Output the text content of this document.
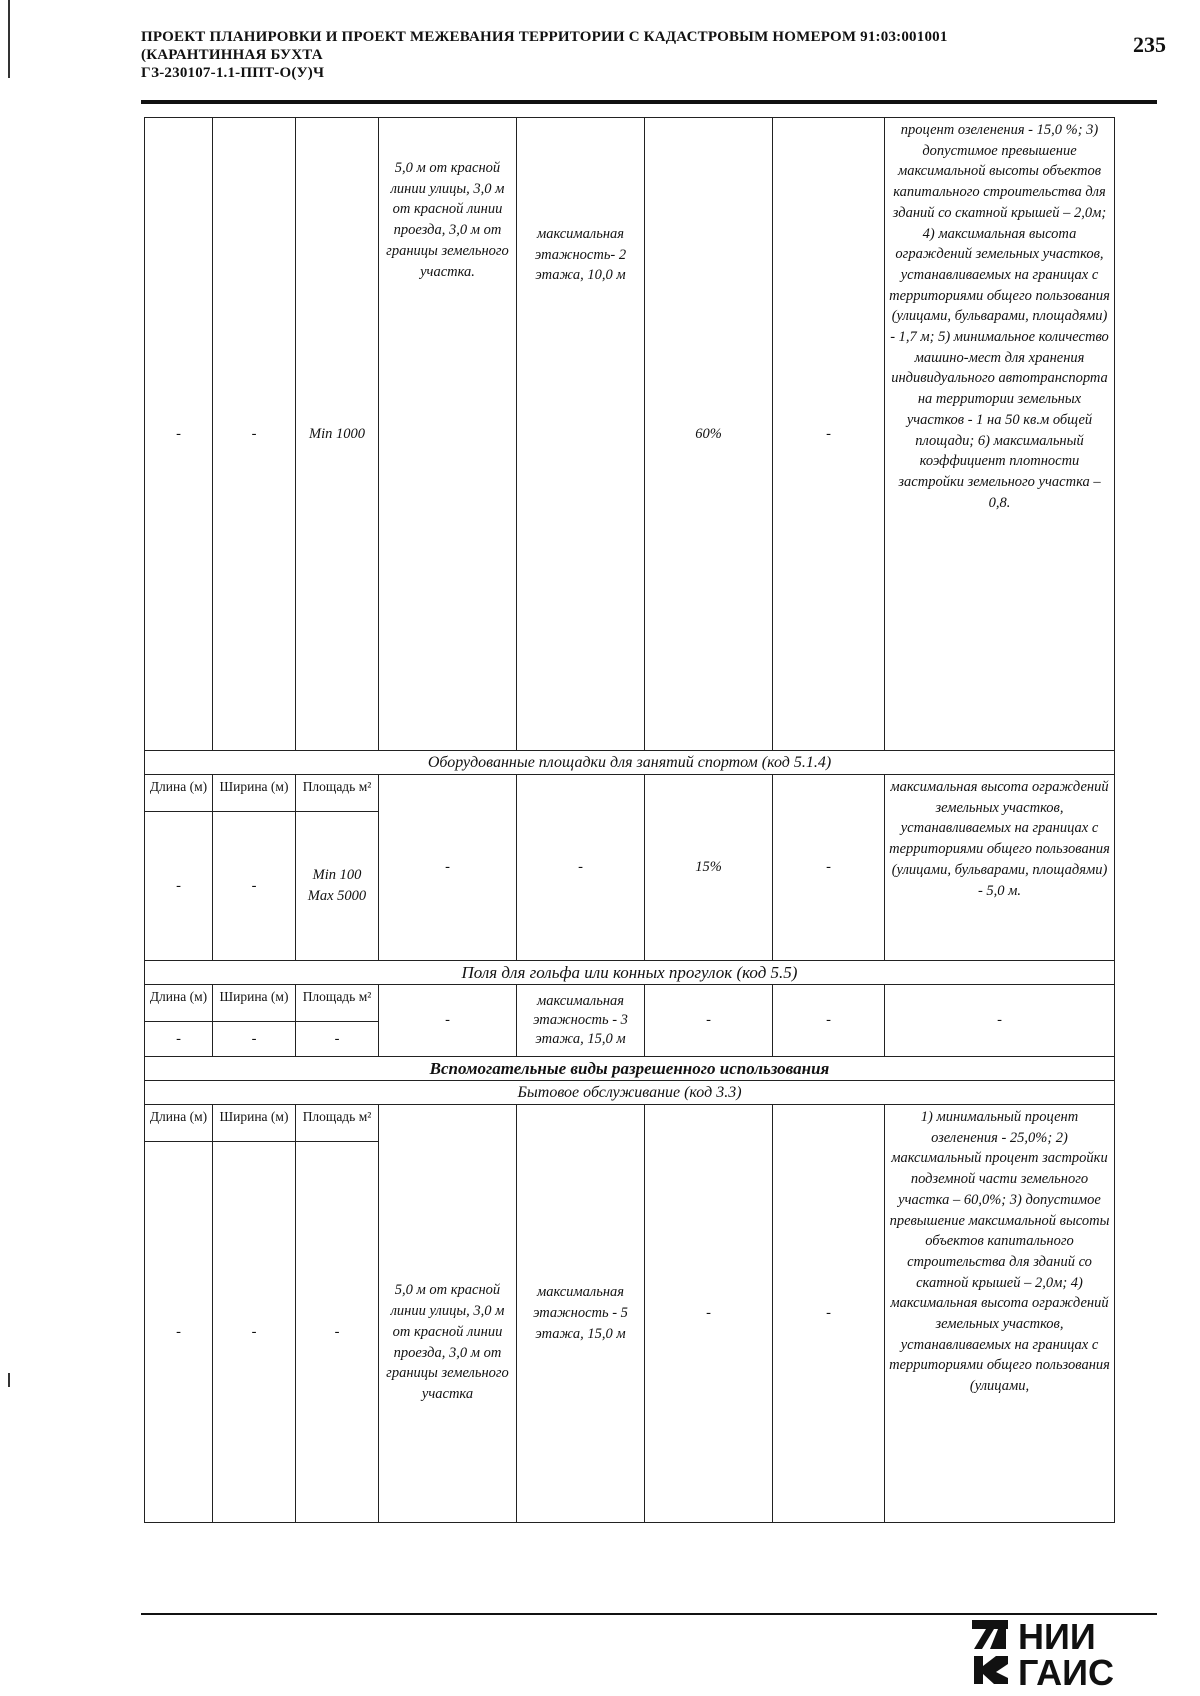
ПРОЕКТ ПЛАНИРОВКИ И ПРОЕКТ МЕЖЕВАНИЯ ТЕРРИТОРИИ С КАДАСТРОВЫМ НОМЕРОМ 91:03:001001
(КАРАНТИННАЯ БУХТА
ГЗ-230107-1.1-ППТ-О(У)Ч
235
-	-	Min 1000	5,0 м от красной линии улицы, 3,0 м от красной линии проезда, 3,0 м от границы земельного участка.	максимальная этажность- 2 этажа, 10,0 м	60%	-	процент озеленения - 15,0 %; 3) допустимое превышение максимальной высоты объектов капитального строительства для зданий со скатной крышей – 2,0м; 4) максимальная высота ограждений земельных участков, устанавливаемых на границах с территориями общего пользования (улицами, бульварами, площадями) - 1,7 м; 5) минимальное количество машино-мест для хранения индивидуального автотранспорта на территории земельных участков - 1 на 50 кв.м общей площади; 6) максимальный коэффициент плотности застройки земельного участка – 0,8.
Оборудованные площадки для занятий спортом (код 5.1.4)							
Длина (м)	Ширина (м)	Площадь м²	-	-	15%	-	максимальная высота ограждений земельных участков, устанавливаемых на границах с территориями общего пользования (улицами, бульварами, площадями) - 5,0 м.
-	-	Min 100 Max 5000					
Поля для гольфа или конных прогулок (код 5.5)							
Длина (м)	Ширина (м)	Площадь м²	-	максимальная этажность - 3 этажа, 15,0 м	-	-	-
-	-	-					
Вспомогательные виды разрешенного использования							
Бытовое обслуживание (код 3.3)							
Длина (м)	Ширина (м)	Площадь м²	5,0 м от красной линии улицы, 3,0 м от красной линии проезда, 3,0 м от границы земельного участка	максимальная этажность - 5 этажа, 15,0 м	-	-	1) минимальный процент озеленения - 25,0%; 2) максимальный процент застройки подземной части земельного участка – 60,0%; 3) допустимое превышение максимальной высоты объектов капитального строительства для зданий со скатной крышей – 2,0м; 4) максимальная высота ограждений земельных участков, устанавливаемых на границах с территориями общего пользования (улицами,
-	-	-					
НИИ
ГАИС
